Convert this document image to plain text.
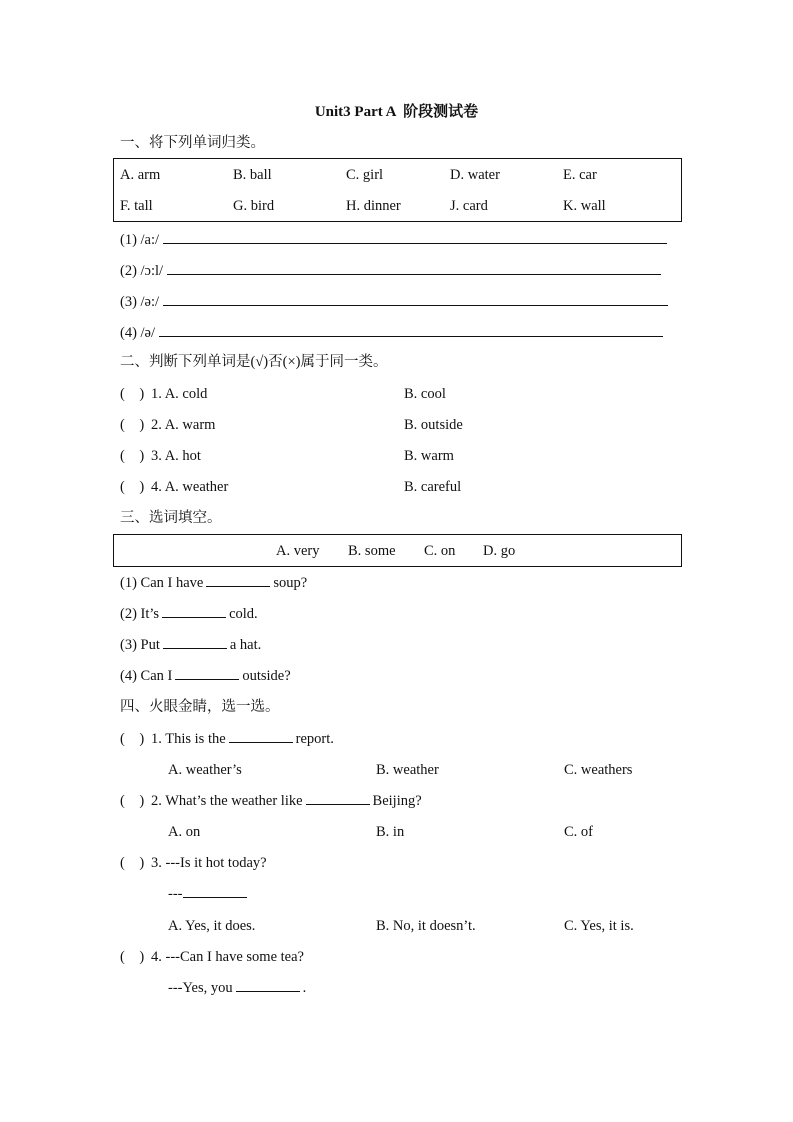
Unit3 Part A  阶段测试卷
一、将下列单词归类。
A. arm	B. ball	C. girl	D. water	E. car
F. tall	G. bird	H. dinner	J. card	K. wall
(1) /a:/
(2) /ɔ:l/
(3) /ə:/
(4) /ə/
二、判断下列单词是(√)否(×)属于同一类。
(    ) 1. A. cold	B. cool
(    ) 2. A. warm	B. outside
(    ) 3. A. hot	B. warm
(    ) 4. A. weather	B. careful
三、选词填空。
A. very B. some C. on D. go
(1) Can I have	soup?
(2) It’s	cold.
(3) Put	a hat.
(4) Can I	outside?
四、火眼金睛，选一选。
(    ) 1. This is the	report.
A. weather’s	B. weather	C. weathers
(    ) 2. What’s the weather like	Beijing?
A. on	B. in	C. of
(    ) 3. ---Is it hot today?
---
A. Yes, it does.	B. No, it doesn’t.	C. Yes, it is.
(    ) 4. ---Can I have some tea?
---Yes, you	.
